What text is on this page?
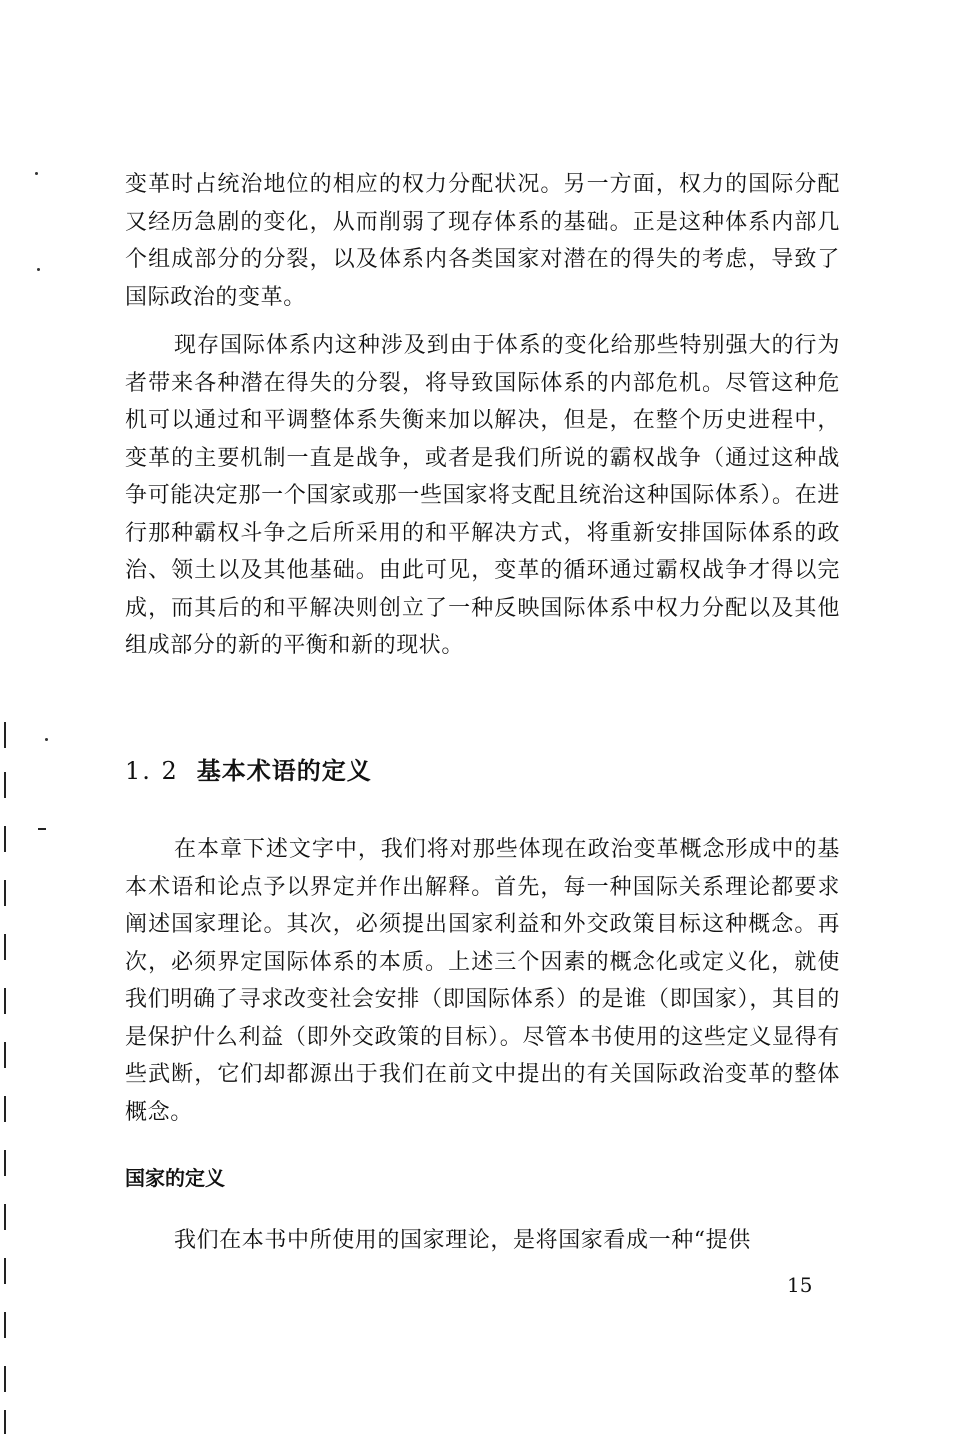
变革时占统治地位的相应的权力分配状况。另一方面，权力的国际分配又经历急剧的变化，从而削弱了现存体系的基础。正是这种体系内部几个组成部分的分裂，以及体系内各类国家对潜在的得失的考虑，导致了国际政治的变革。

现存国际体系内这种涉及到由于体系的变化给那些特别强大的行为者带来各种潜在得失的分裂，将导致国际体系的内部危机。尽管这种危机可以通过和平调整体系失衡来加以解决，但是，在整个历史进程中，变革的主要机制一直是战争，或者是我们所说的霸权战争（通过这种战争可能决定那一个国家或那一些国家将支配且统治这种国际体系）。在进行那种霸权斗争之后所采用的和平解决方式，将重新安排国际体系的政治、领土以及其他基础。由此可见，变革的循环通过霸权战争才得以完成，而其后的和平解决则创立了一种反映国际体系中权力分配以及其他组成部分的新的平衡和新的现状。

1. 2 基本术语的定义

在本章下述文字中，我们将对那些体现在政治变革概念形成中的基本术语和论点予以界定并作出解释。首先，每一种国际关系理论都要求阐述国家理论。其次，必须提出国家利益和外交政策目标这种概念。再次，必须界定国际体系的本质。上述三个因素的概念化或定义化，就使我们明确了寻求改变社会安排（即国际体系）的是谁（即国家），其目的是保护什么利益（即外交政策的目标）。尽管本书使用的这些定义显得有些武断，它们却都源出于我们在前文中提出的有关国际政治变革的整体概念。

国家的定义

我们在本书中所使用的国家理论，是将国家看成一种“提供

15
